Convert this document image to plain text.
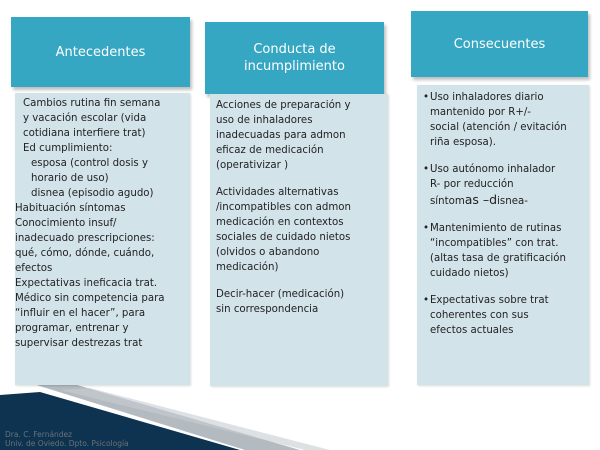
Antecedentes	Conducta de incumplimiento
Consecuentes

Cambios rutina fin semana

y vacación escolar (vida

cotidiana interfiere trat)

Ed cumplimiento:

esposa (control dosis y

horario de uso)

disnea (episodio agudo)

Habituación síntomas

Conocimiento insuf/

inadecuado prescripciones:

qué, cómo, dónde, cuándo,

efectos

Expectativas ineficacia trat.

Médico sin competencia para

“influir en el hacer”, para

programar, entrenar y

supervisar destrezas trat

Acciones de preparación y

uso de inhaladores

inadecuadas para admon

eficaz de medicación

(operativizar )

Actividades alternativas

/incompatibles con admon

medicación en contextos

sociales de cuidado nietos

(olvidos o abandono

medicación)

Decir-hacer (medicación)

sin correspondencia

• Uso inhaladores diario

mantenido por R+/-

social (atención / evitación

riña esposa).

• Uso autónomo inhalador

R- por reducción

síntomas –disnea-

• Mantenimiento de rutinas

“incompatibles” con trat.

(altas tasa de gratificación

cuidado nietos)

• Expectativas sobre trat

coherentes con sus

efectos actuales

Dra. C. Fernández
Univ. de Oviedo. Dpto. Psicología
